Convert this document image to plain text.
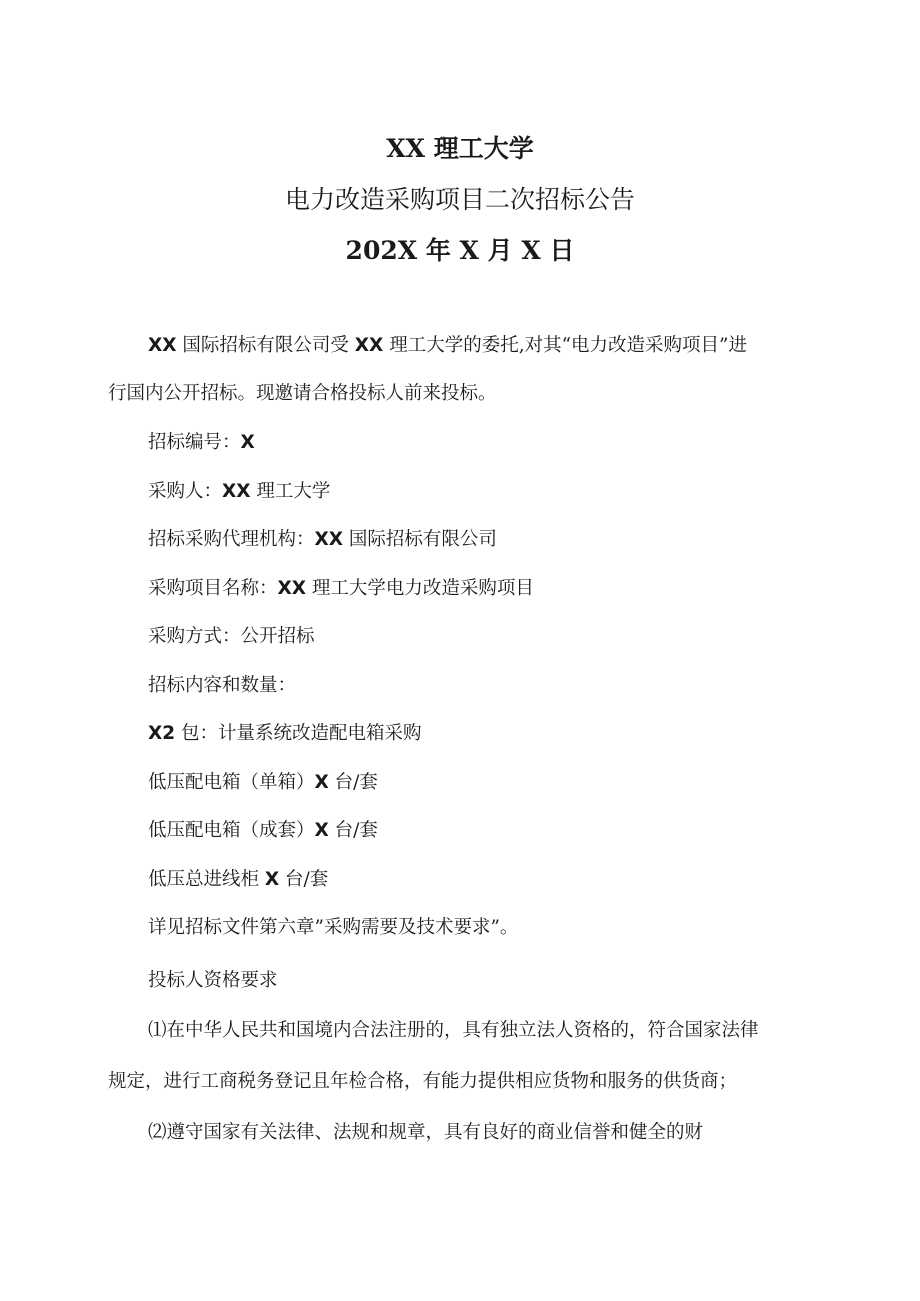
XX 理工大学
电力改造采购项目二次招标公告
202X 年 X 月 X 日
XX 国际招标有限公司受 XX 理工大学的委托,对其“电力改造采购项目”进
行国内公开招标。现邀请合格投标人前来投标。
招标编号：X
采购人：XX 理工大学
招标采购代理机构：XX 国际招标有限公司
采购项目名称：XX 理工大学电力改造采购项目
采购方式：公开招标
招标内容和数量：
X2 包：计量系统改造配电箱采购
低压配电箱（单箱）X 台/套
低压配电箱（成套）X 台/套
低压总进线柜 X 台/套
详见招标文件第六章”采购需要及技术要求”。
投标人资格要求
⑴在中华人民共和国境内合法注册的，具有独立法人资格的，符合国家法律
规定，进行工商税务登记且年检合格，有能力提供相应货物和服务的供货商；
⑵遵守国家有关法律、法规和规章，具有良好的商业信誉和健全的财
